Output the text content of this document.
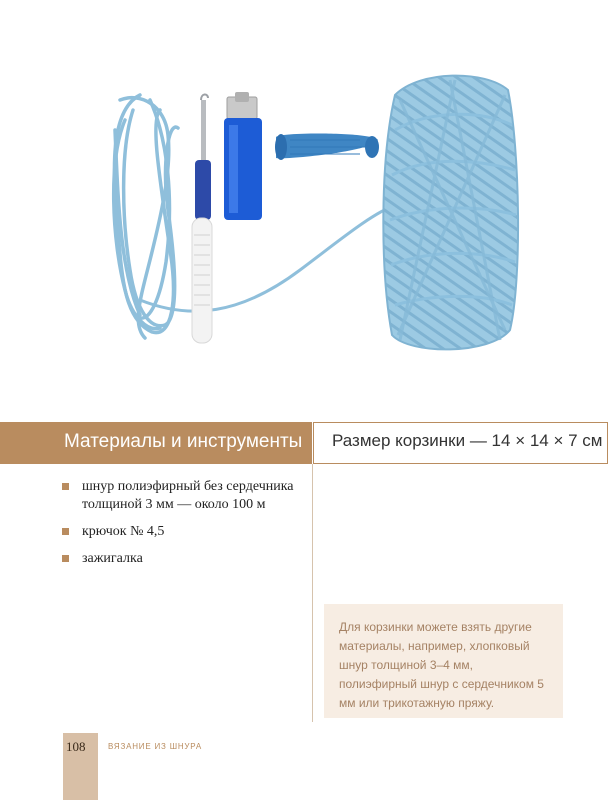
Материалы и инструменты Размер корзинки — 14 × 14 × 7 см
шнур полиэфирный без сердечника толщиной 3 мм — около 100 м
крючок № 4,5
зажигалка
Для корзинки можете взять другие материалы, например, хлопковый шнур толщиной 3–4 мм, полиэфирный шнур с сердечником 5 мм или трикотажную пряжу.
108	ВЯЗАНИЕ ИЗ ШНУРА
